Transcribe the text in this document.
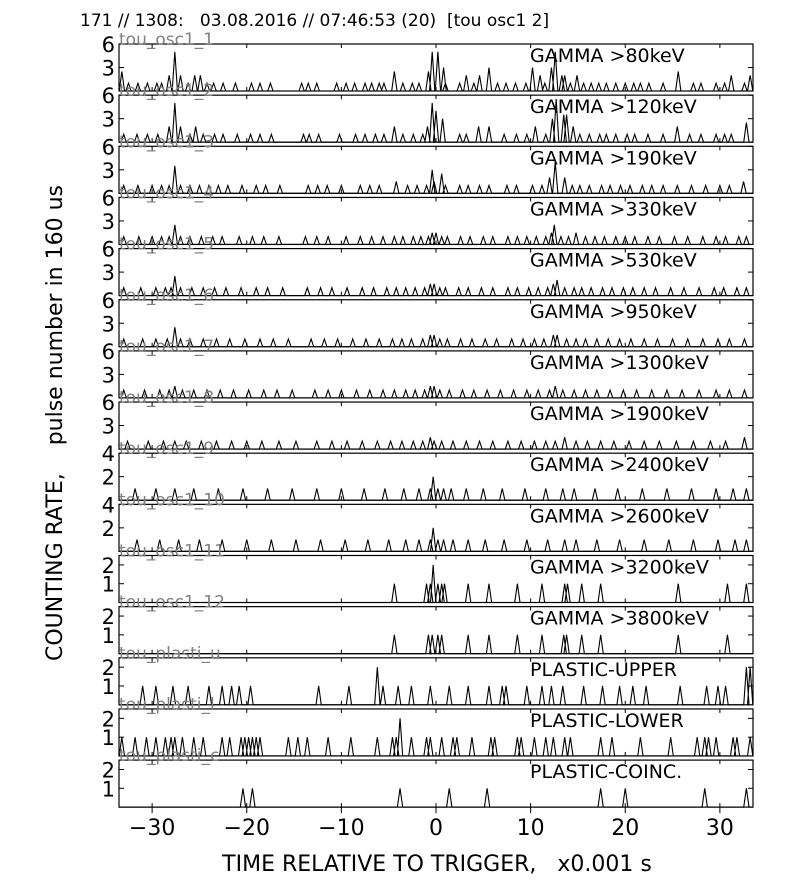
171 // 1308:   03.08.2016 // 07:46:53 (20)  [tou osc1 2]
COUNTING RATE,    pulse number in 160 us
TIME RELATIVE TO TRIGGER,   x0.001 s
3
6	GAMMA >80keV
tou_osc1_1
3
6	GAMMA >120keV
tou_osc1_2
3
6	GAMMA >190keV
tou_osc1_3
3
6	GAMMA >330keV
tou_osc1_4
3
6	GAMMA >530keV
tou_osc1_5
3
6	GAMMA >950keV
tou_osc1_6
3
6	GAMMA >1300keV
tou_osc1_7
3
6	GAMMA >1900keV
tou_osc1_8
2
4	GAMMA >2400keV
tou_osc1_9
2
4	GAMMA >2600keV
tou_osc1_10
1
2	GAMMA >3200keV
tou_osc1_11
1
2	GAMMA >3800keV
tou_osc1_12
1
2	PLASTIC-UPPER
tou_plasti_u
1
2	PLASTIC-LOWER
tou_plasti_l
1
2	PLASTIC-COINC.
tou_plasti_c
−30 −20 −10	0	10	20	30
